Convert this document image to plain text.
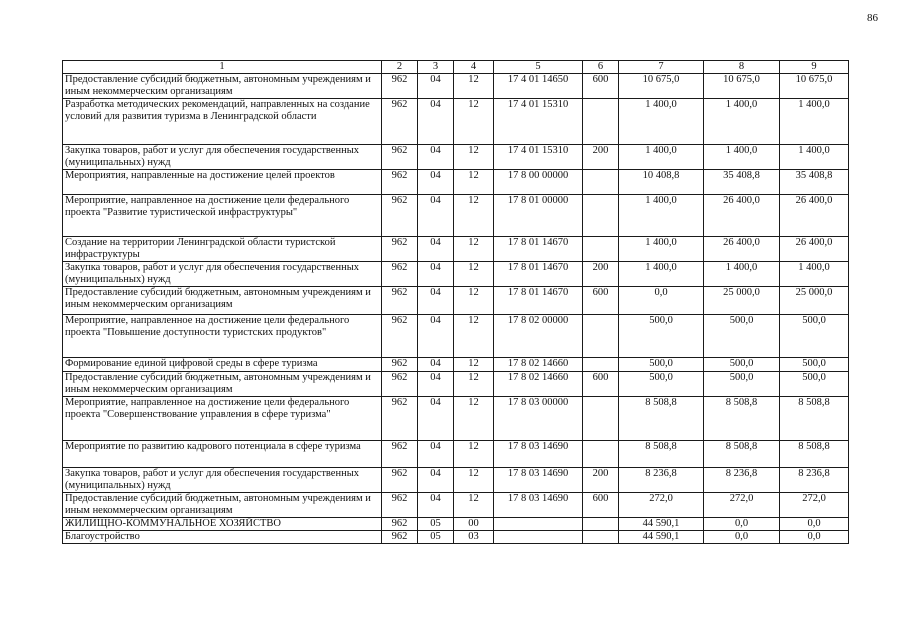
86
1	2	3	4	5	6	7	8	9
Предоставление субсидий бюджетным, автономным учреждениям и иным некоммерческим организациям	962	04	12	17 4 01 14650	600	10 675,0	10 675,0	10 675,0
Разработка методических рекомендаций, направленных на создание условий для развития туризма в Ленинградской области	962	04	12	17 4 01 15310		1 400,0	1 400,0	1 400,0
Закупка товаров, работ и услуг для обеспечения государственных (муниципальных) нужд	962	04	12	17 4 01 15310	200	1 400,0	1 400,0	1 400,0
Мероприятия, направленные на достижение целей проектов	962	04	12	17 8 00 00000		10 408,8	35 408,8	35 408,8
Мероприятие, направленное на достижение цели федерального проекта "Развитие туристической инфраструктуры"	962	04	12	17 8 01 00000		1 400,0	26 400,0	26 400,0
Создание на территории Ленинградской области туристской инфраструктуры	962	04	12	17 8 01 14670		1 400,0	26 400,0	26 400,0
Закупка товаров, работ и услуг для обеспечения государственных (муниципальных) нужд	962	04	12	17 8 01 14670	200	1 400,0	1 400,0	1 400,0
Предоставление субсидий бюджетным, автономным учреждениям и иным некоммерческим организациям	962	04	12	17 8 01 14670	600	0,0	25 000,0	25 000,0
Мероприятие, направленное на достижение цели федерального проекта "Повышение доступности туристских продуктов"	962	04	12	17 8 02 00000		500,0	500,0	500,0
Формирование единой цифровой среды в сфере туризма	962	04	12	17 8 02 14660		500,0	500,0	500,0
Предоставление субсидий бюджетным, автономным учреждениям и иным некоммерческим организациям	962	04	12	17 8 02 14660	600	500,0	500,0	500,0
Мероприятие, направленное на достижение цели федерального проекта "Совершенствование управления в сфере туризма"	962	04	12	17 8 03 00000		8 508,8	8 508,8	8 508,8
Мероприятие по развитию кадрового потенциала в сфере туризма	962	04	12	17 8 03 14690		8 508,8	8 508,8	8 508,8
Закупка товаров, работ и услуг для обеспечения государственных (муниципальных) нужд	962	04	12	17 8 03 14690	200	8 236,8	8 236,8	8 236,8
Предоставление субсидий бюджетным, автономным учреждениям и иным некоммерческим организациям	962	04	12	17 8 03 14690	600	272,0	272,0	272,0
ЖИЛИЩНО-КОММУНАЛЬНОЕ ХОЗЯЙСТВО	962	05	00			44 590,1	0,0	0,0
Благоустройство	962	05	03			44 590,1	0,0	0,0
